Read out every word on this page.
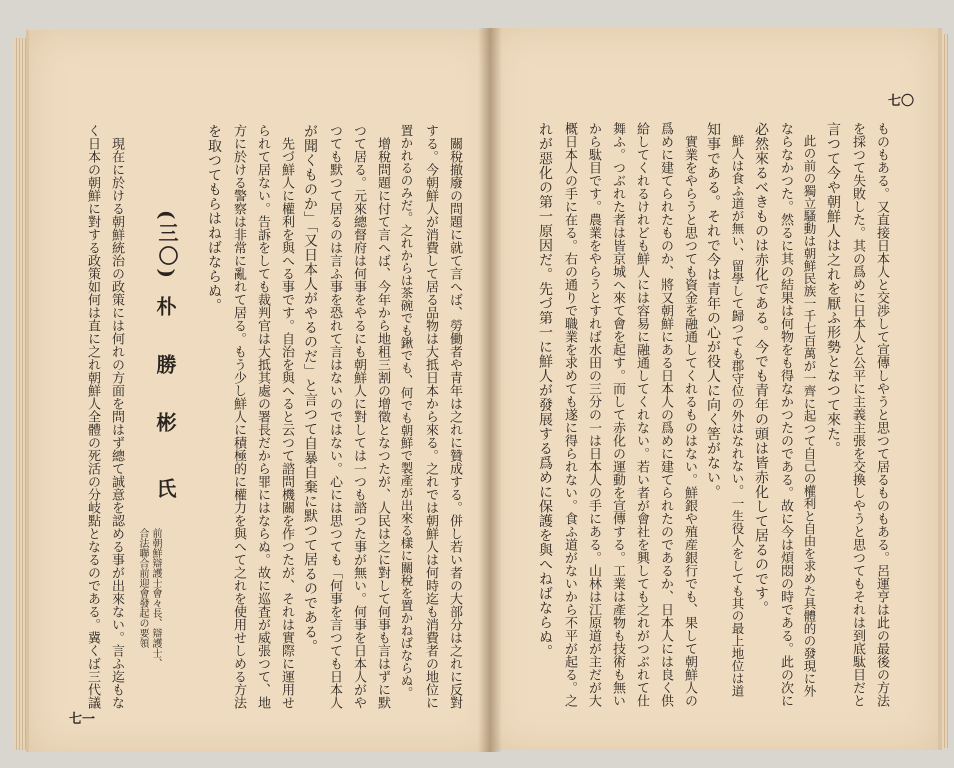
　關稅撤廢の問題に就て言へば、勞働者や青年は之れに贊成する。併し若い者の大部分は之れに反對
する。今朝鮮人が消費して居る品物は大抵日本から來る。之れでは朝鮮人は何時迄も消費者の地位に
置かれるのみだ。之れからは茶碗でも鍬でも、何でも朝鮮で製產が出來る樣に關稅を置かねばならぬ。
　增稅問題に付て言へば、今年から地租三割の增徵となつたが、人民は之に對して何事も言はずに默
つて居る。元來總督府は何事をやるにも朝鮮人に對しては一つも諮つた事が無い。何事を日本人がや
つても默つて居るのは言ふ事を恐れて言はないのではない。心には思つても「何事を言つても日本人
が聞くものか」「又日本人がやるのだ」と言つて自暴自棄に默つて居るのである。
　先づ鮮人に權利を與へる事です。自治を與へると云つて諮問機關を作つたが、それは實際に運用せ
られて居ない。告訴をしても裁判官は大抵其處の署長だから罪にはならぬ。故に巡査が威張つて、地
方に於ける警察は非常に亂れて居る。もう少し鮮人に積極的に權力を與へて之れを使用せしめる方法
を取つてもらはねばならぬ。
(三〇)
朴勝彬
氏
前朝鮮辯護士會々長、辯護士、
合法聯合前迎會發起の要領
　現在に於ける朝鮮統治の政策には何れの方面を問はず總て誠意を認める事が出來ない。言ふ迄もな
く日本の朝鮮に對する政策如何は直に之れ朝鮮人全體の死活の分岐點となるのである。冀くば三代議
七一
ものもある。又直接日本人と交渉して宣傳しやうと思つて居るものもある。呂運亨は此の最後の方法
を採つて失敗した。其の爲めに日本人と公平に主義主張を交換しやうと思つてもそれは到底駄目だと
言つて今や朝鮮人は之れを厭ふ形勢となつて來た。
　此の前の獨立騷動は朝鮮民族一千七百萬が一齊に起つて自己の權利と自由を求めた具體的の發現に外
ならなかつた。然るに其の結果は何物をも得なかつたのである。故に今は煩悶の時である。此の次に
必然來るべきものは赤化である。今でも青年の頭は皆赤化して居るのです。
　鮮人は食ふ道が無い、留學して歸つても郡守位の外はなれない。一生役人をしても其の最上地位は道
知事である。それで今は青年の心が役人に向く筈がない。
　實業をやらうと思つても資金を融通してくれるものはない。鮮銀や殖産銀行でも、果して朝鮮人の
爲めに建てられたものか、將又朝鮮にある日本人の爲めに建てられたのであるか、日本人には良く供
給してくれるけれども鮮人には容易に融通してくれない。若い者が會社を興しても之れがつぶれて仕
舞ふ。つぶれた者は皆京城へ來て會を起す。而して赤化の運動を宣傳する。工業は產物も技術も無い
から駄目です。農業をやらうとすれば水田の三分の一は日本人の手にある。山林は江原道が主だが大
概日本人の手に在る。右の通りで職業を求めても遂に得られない。食ふ道がないから不平が起る。之
れが惡化の第一原因だ。先づ第一に鮮人が發展する爲めに保護を與へねばならぬ。
七〇
